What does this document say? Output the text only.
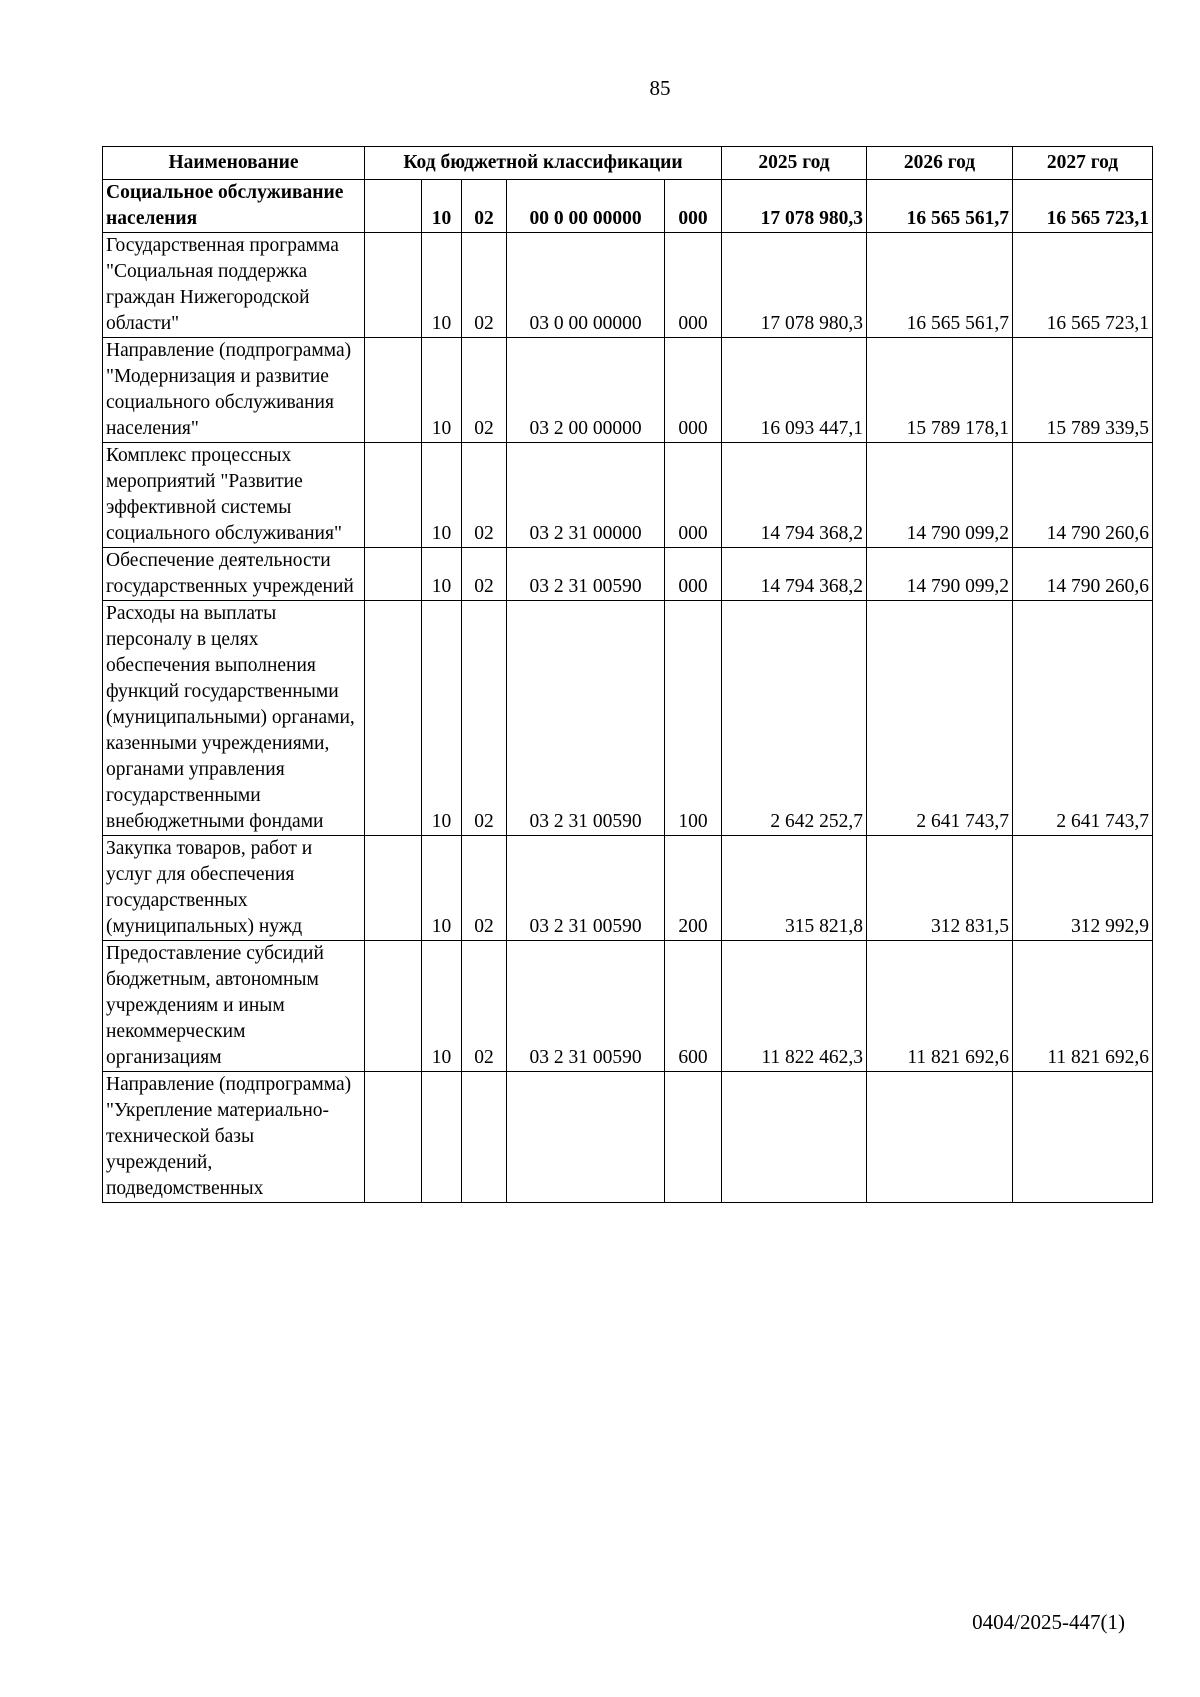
85
Наименование	Код бюджетной классификации					2025 год	2026 год	2027 год
Социальное обслуживание населения		10	02	00 0 00 00000	000	17 078 980,3	16 565 561,7	16 565 723,1
Государственная программа "Социальная поддержка граждан Нижегородской области"		10	02	03 0 00 00000	000	17 078 980,3	16 565 561,7	16 565 723,1
Направление (подпрограмма) "Модернизация и развитие социального обслуживания населения"		10	02	03 2 00 00000	000	16 093 447,1	15 789 178,1	15 789 339,5
Комплекс процессных мероприятий "Развитие эффективной системы социального обслуживания"		10	02	03 2 31 00000	000	14 794 368,2	14 790 099,2	14 790 260,6
Обеспечение деятельности государственных учреждений		10	02	03 2 31 00590	000	14 794 368,2	14 790 099,2	14 790 260,6
Расходы на выплаты персоналу в целях обеспечения выполнения функций государственными (муниципальными) органами, казенными учреждениями, органами управления государственными внебюджетными фондами		10	02	03 2 31 00590	100	2 642 252,7	2 641 743,7	2 641 743,7
Закупка товаров, работ и услуг для обеспечения государственных (муниципальных) нужд		10	02	03 2 31 00590	200	315 821,8	312 831,5	312 992,9
Предоставление субсидий бюджетным, автономным учреждениям и иным некоммерческим организациям		10	02	03 2 31 00590	600	11 822 462,3	11 821 692,6	11 821 692,6
Направление (подпрограмма) "Укрепление материально-технической базы учреждений, подведомственных								
0404/2025-447(1)
